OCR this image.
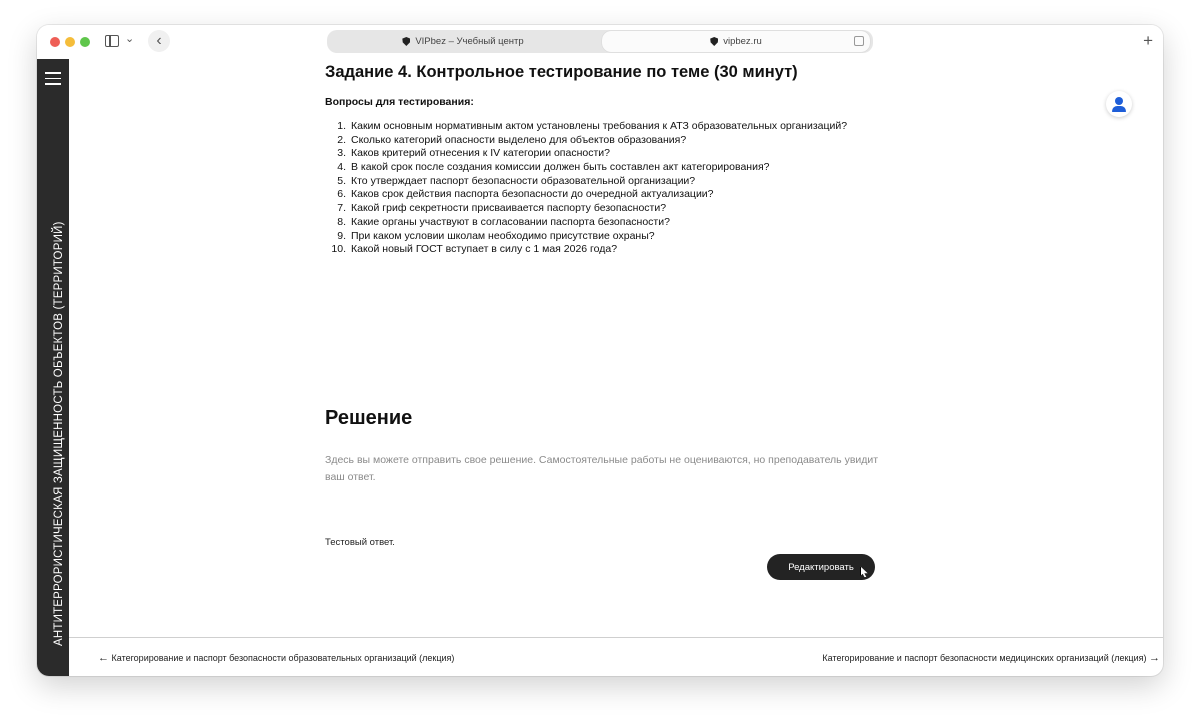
⌄	‹	VIPbez – Учебный центр	vipbez.ru	+
АНТИТЕРРОРИСТИЧЕСКАЯ ЗАЩИЩЕННОСТЬ ОБЪЕКТОВ (ТЕРРИТОРИЙ)
Задание 4. Контрольное тестирование по теме (30 минут)
Вопросы для тестирования:
1. Каким основным нормативным актом установлены требования к АТЗ образовательных организаций?
2. Сколько категорий опасности выделено для объектов образования?
3. Каков критерий отнесения к IV категории опасности?
4. В какой срок после создания комиссии должен быть составлен акт категорирования?
5. Кто утверждает паспорт безопасности образовательной организации?
6. Каков срок действия паспорта безопасности до очередной актуализации?
7. Какой гриф секретности присваивается паспорту безопасности?
8. Какие органы участвуют в согласовании паспорта безопасности?
9. При каком условии школам необходимо присутствие охраны?
10. Какой новый ГОСТ вступает в силу с 1 мая 2026 года?
Решение

Здесь вы можете отправить свое решение. Самостоятельные работы не оцениваются, но преподаватель увидит ваш ответ.

Тестовый ответ.
Редактировать
← Категорирование и паспорт безопасности образовательных организаций (лекция)	Категорирование и паспорт безопасности медицинских организаций (лекция) →
